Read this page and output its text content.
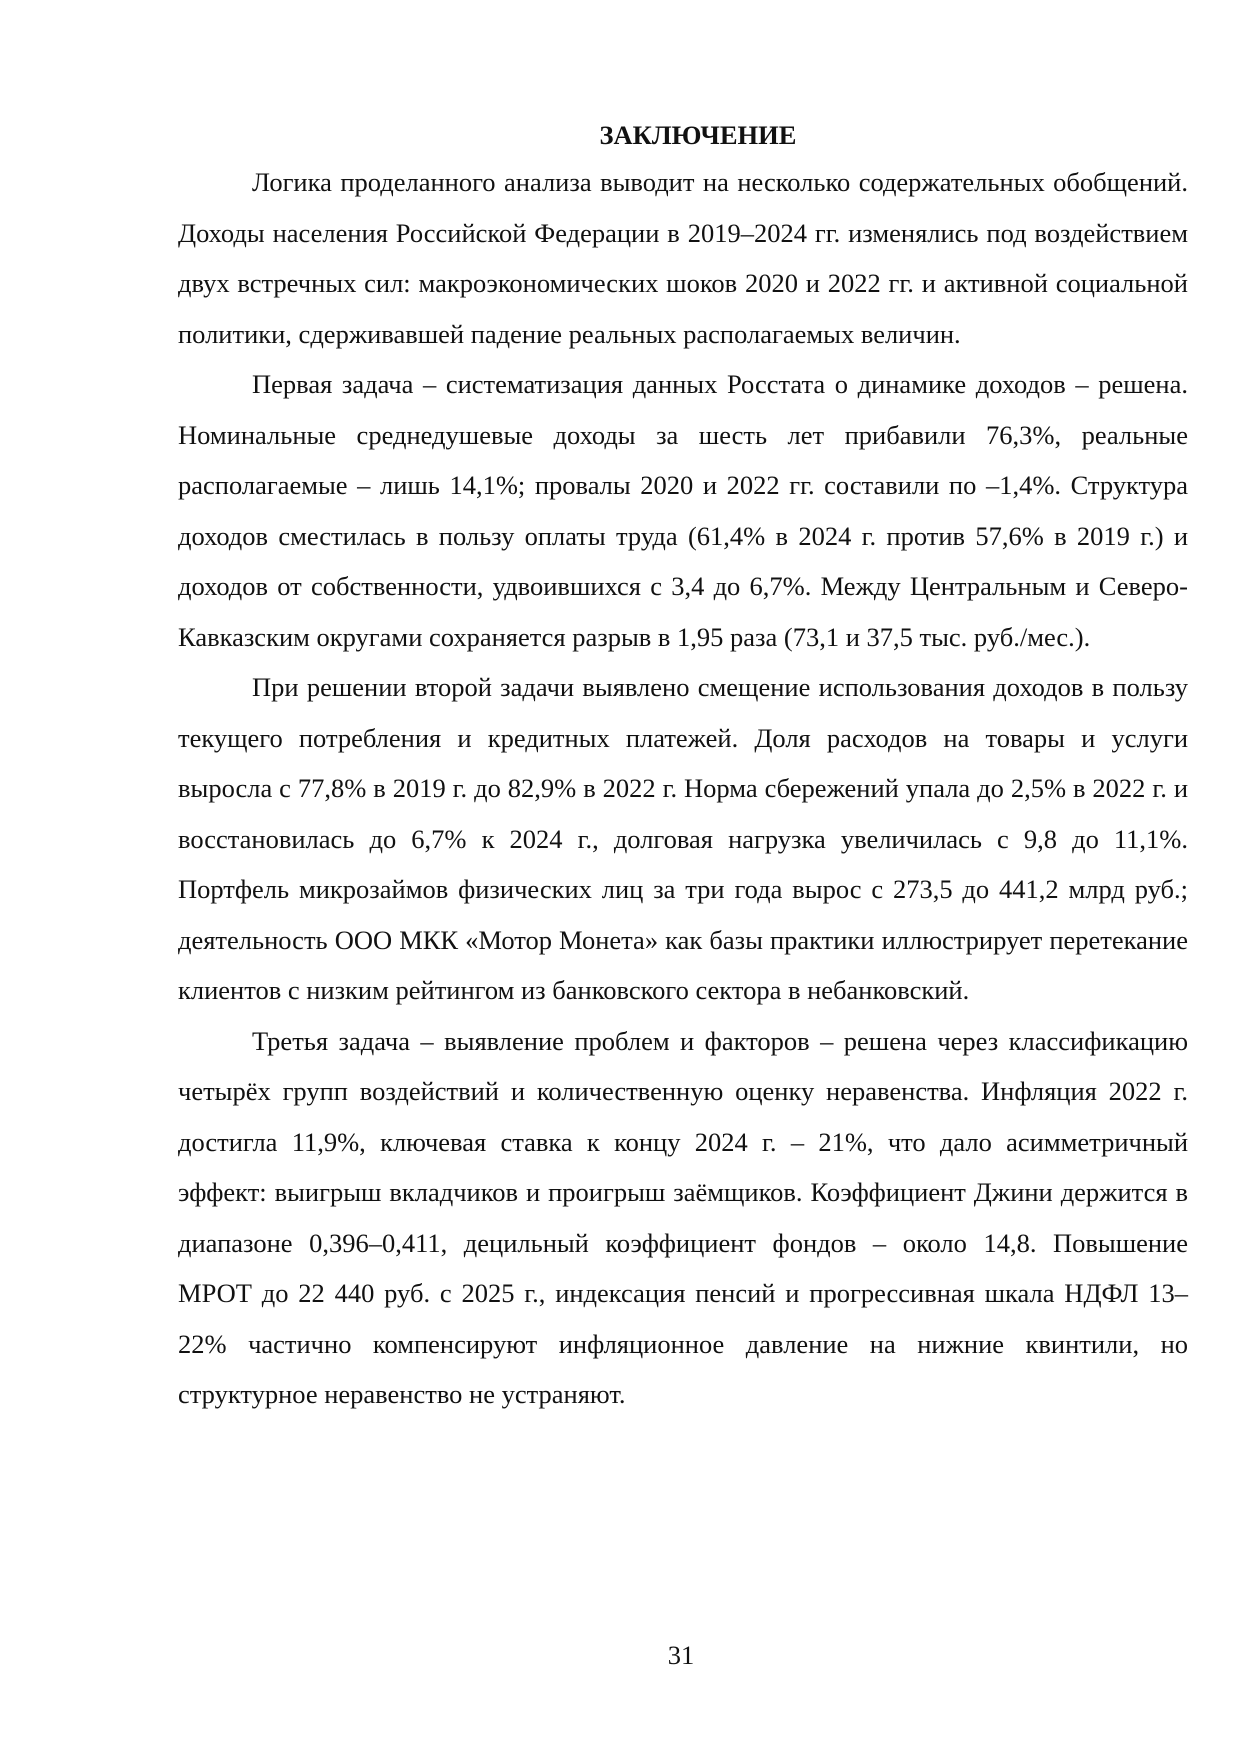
ЗАКЛЮЧЕНИЕ

Логика проделанного анализа выводит на несколько содержательных обобщений. Доходы населения Российской Федерации в 2019–2024 гг. изменялись под воздействием двух встречных сил: макроэкономических шоков 2020 и 2022 гг. и активной социальной политики, сдерживавшей падение реальных располагаемых величин.

Первая задача – систематизация данных Росстата о динамике доходов – решена. Номинальные среднедушевые доходы за шесть лет прибавили 76,3%, реальные располагаемые – лишь 14,1%; провалы 2020 и 2022 гг. составили по –1,4%. Структура доходов сместилась в пользу оплаты труда (61,4% в 2024 г. против 57,6% в 2019 г.) и доходов от собственности, удвоившихся с 3,4 до 6,7%. Между Центральным и Северо-Кавказским округами сохраняется разрыв в 1,95 раза (73,1 и 37,5 тыс. руб./мес.).

При решении второй задачи выявлено смещение использования доходов в пользу текущего потребления и кредитных платежей. Доля расходов на товары и услуги выросла с 77,8% в 2019 г. до 82,9% в 2022 г. Норма сбережений упала до 2,5% в 2022 г. и восстановилась до 6,7% к 2024 г., долговая нагрузка увеличилась с 9,8 до 11,1%. Портфель микрозаймов физических лиц за три года вырос с 273,5 до 441,2 млрд руб.; деятельность ООО МКК «Мотор Монета» как базы практики иллюстрирует перетекание клиентов с низким рейтингом из банковского сектора в небанковский.

Третья задача – выявление проблем и факторов – решена через классификацию четырёх групп воздействий и количественную оценку неравенства. Инфляция 2022 г. достигла 11,9%, ключевая ставка к концу 2024 г. – 21%, что дало асимметричный эффект: выигрыш вкладчиков и проигрыш заёмщиков. Коэффициент Джини держится в диапазоне 0,396–0,411, децильный коэффициент фондов – около 14,8. Повышение МРОТ до 22 440 руб. с 2025 г., индексация пенсий и прогрессивная шкала НДФЛ 13–22% частично компенсируют инфляционное давление на нижние квинтили, но структурное неравенство не устраняют.

31
